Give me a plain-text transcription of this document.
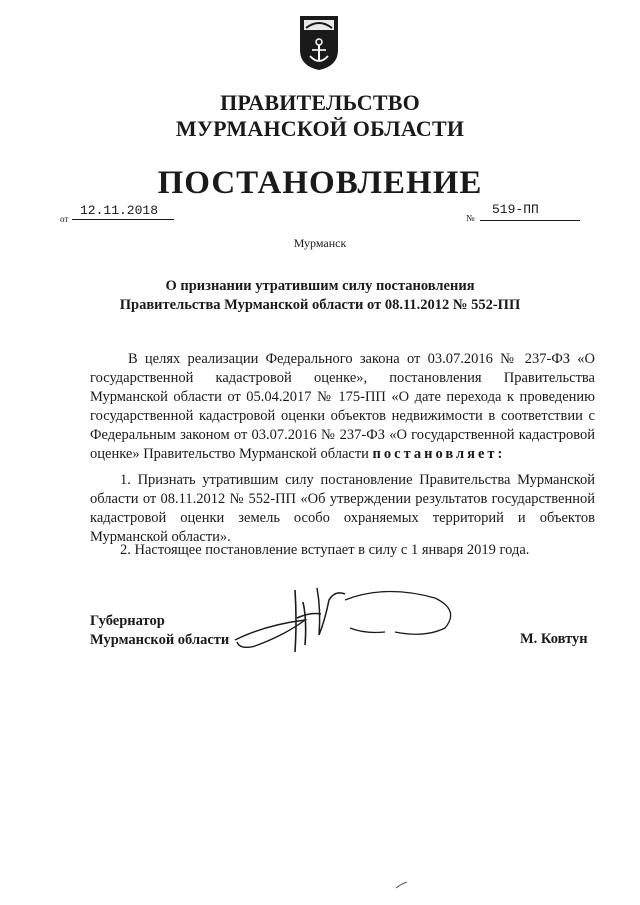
ПРАВИТЕЛЬСТВО
МУРМАНСКОЙ ОБЛАСТИ
ПОСТАНОВЛЕНИЕ
от
12.11.2018	№
519-ПП
Мурманск
О признании утратившим силу постановления
Правительства Мурманской области от 08.11.2012 № 552-ПП
В целях реализации Федерального закона от 03.07.2016 № 237-ФЗ «О государственной кадастровой оценке», постановления Правительства Мурманской области от 05.04.2017 № 175-ПП «О дате перехода к проведению государственной кадастровой оценки объектов недвижимости в соответствии с Федеральным законом от 03.07.2016 № 237-ФЗ «О государственной кадастровой оценке» Правительство Мурманской области постановляет:
1. Признать утратившим силу постановление Правительства Мурманской области от 08.11.2012 № 552-ПП «Об утверждении результатов государственной кадастровой оценки земель особо охраняемых территорий и объектов Мурманской области».
2. Настоящее постановление вступает в силу с 1 января 2019 года.
Губернатор
Мурманской области	М. Ковтун
